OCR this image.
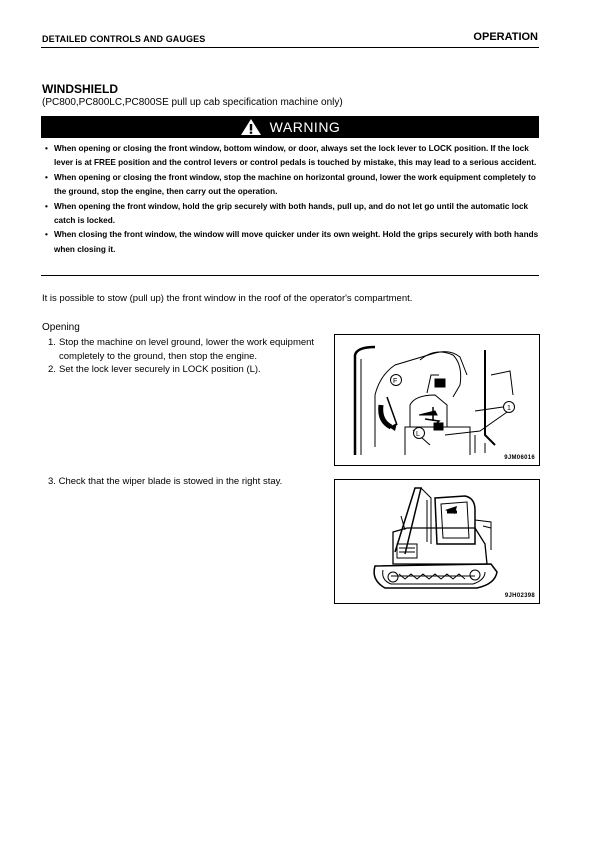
DETAILED CONTROLS AND GAUGES	OPERATION
WINDSHIELD
(PC800,PC800LC,PC800SE pull up cab specification machine only)
WARNING
• When opening or closing the front window, bottom window, or door, always set the lock lever to LOCK position. If the lock lever is at FREE position and the control levers or control pedals is touched by mistake, this may lead to a serious accident.
• When opening or closing the front window, stop the machine on horizontal ground, lower the work equipment completely to the ground, stop the engine, then carry out the operation.
• When opening the front window, hold the grip securely with both hands, pull up, and do not let go until the automatic lock catch is locked.
• When closing the front window, the window will move quicker under its own weight. Hold the grips securely with both hands when closing it.
It is possible to stow (pull up) the front window in the roof of the operator's compartment.
Opening
1. Stop the machine on level ground, lower the work equipment completely to the ground, then stop the engine.
2. Set the lock lever securely in LOCK position (L).
3. Check that the wiper blade is stowed in the right stay.
F
L
1
9JM06016
9JH02398
